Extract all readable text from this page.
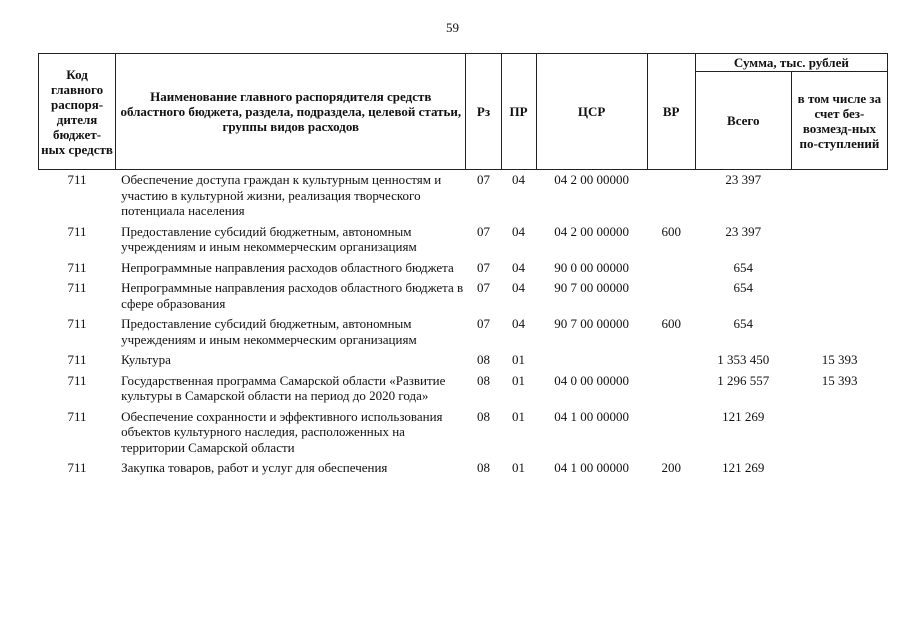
59
Код главного распоря-дителя бюджет-ных средств	Наименование главного распорядителя средств областного бюджета, раздела, подраздела, целевой статьи, группы видов расходов	Рз	ПР	ЦСР	ВР	Сумма, тыс. рублей	
						Всего	в том числе за счет без-возмезд-ных по-ступлений
711	Обеспечение доступа граждан к культурным ценностям и участию в культурной жизни, реализация творческого потенциала населения	07	04	04 2 00 00000		23 397	
711	Предоставление субсидий бюджетным, автономным учреждениям и иным некоммерческим организациям	07	04	04 2 00 00000	600	23 397	
711	Непрограммные направления расходов областного бюджета	07	04	90 0 00 00000		654	
711	Непрограммные направления расходов областного бюджета в сфере образования	07	04	90 7 00 00000		654	
711	Предоставление субсидий бюджетным, автономным учреждениям и иным некоммерческим организациям	07	04	90 7 00 00000	600	654	
711	Культура	08	01			1 353 450	15 393
711	Государственная программа Самарской области «Развитие культуры в Самарской области на период до 2020 года»	08	01	04 0 00 00000		1 296 557	15 393
711	Обеспечение сохранности и эффективного использования объектов культурного наследия, расположенных на территории Самарской области	08	01	04 1 00 00000		121 269	
711	Закупка товаров, работ и услуг для обеспечения	08	01	04 1 00 00000	200	121 269	
